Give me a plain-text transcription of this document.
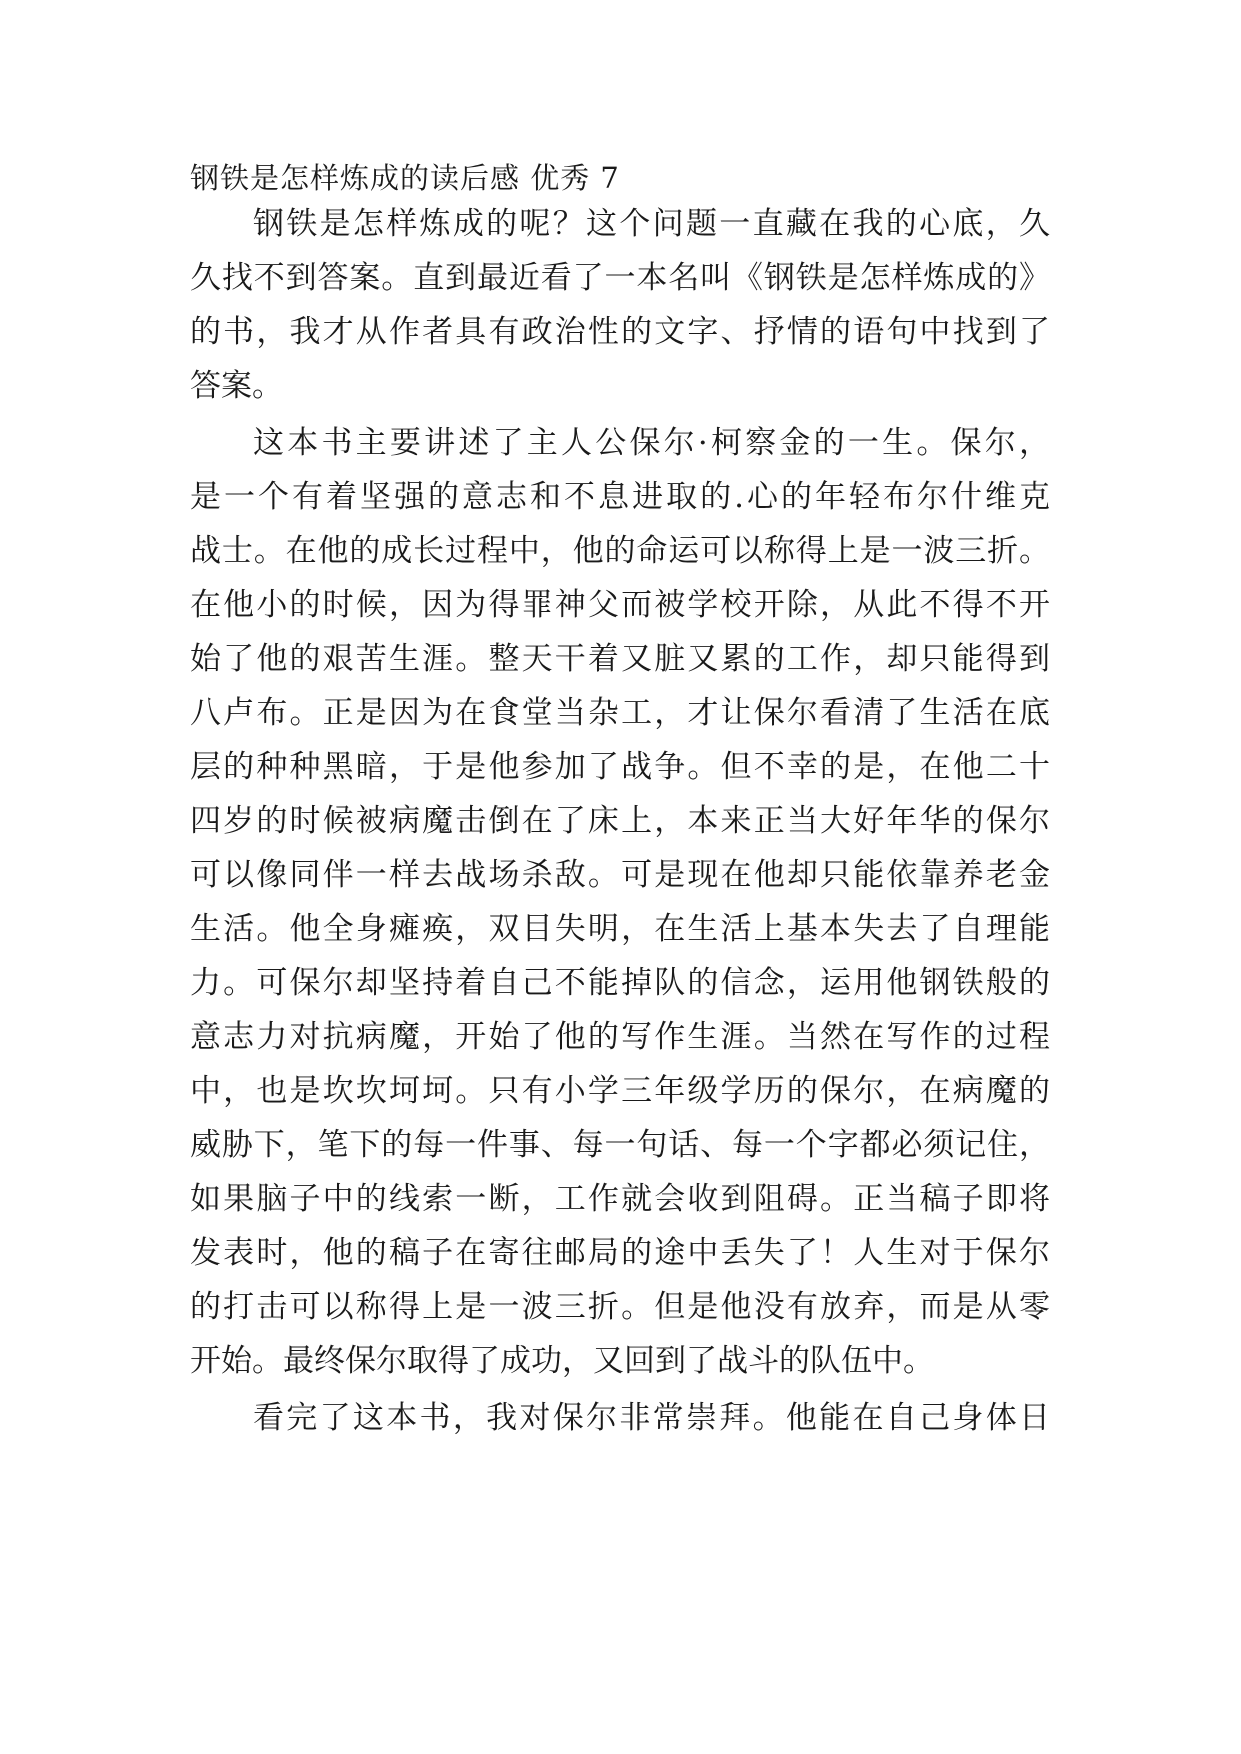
钢铁是怎样炼成的读后感 优秀 7
钢铁是怎样炼成的呢？这个问题一直藏在我的心底，久
久找不到答案。直到最近看了一本名叫《钢铁是怎样炼成的》
的书，我才从作者具有政治性的文字、抒情的语句中找到了
答案。
这本书主要讲述了主人公保尔·柯察金的一生。保尔，
是一个有着坚强的意志和不息进取的.心的年轻布尔什维克
战士。在他的成长过程中，他的命运可以称得上是一波三折。
在他小的时候，因为得罪神父而被学校开除，从此不得不开
始了他的艰苦生涯。整天干着又脏又累的工作，却只能得到
八卢布。正是因为在食堂当杂工，才让保尔看清了生活在底
层的种种黑暗，于是他参加了战争。但不幸的是，在他二十
四岁的时候被病魔击倒在了床上，本来正当大好年华的保尔
可以像同伴一样去战场杀敌。可是现在他却只能依靠养老金
生活。他全身瘫痪，双目失明，在生活上基本失去了自理能
力。可保尔却坚持着自己不能掉队的信念，运用他钢铁般的
意志力对抗病魔，开始了他的写作生涯。当然在写作的过程
中，也是坎坎坷坷。只有小学三年级学历的保尔，在病魔的
威胁下，笔下的每一件事、每一句话、每一个字都必须记住，
如果脑子中的线索一断，工作就会收到阻碍。正当稿子即将
发表时，他的稿子在寄往邮局的途中丢失了！人生对于保尔
的打击可以称得上是一波三折。但是他没有放弃，而是从零
开始。最终保尔取得了成功，又回到了战斗的队伍中。
看完了这本书，我对保尔非常崇拜。他能在自己身体日
